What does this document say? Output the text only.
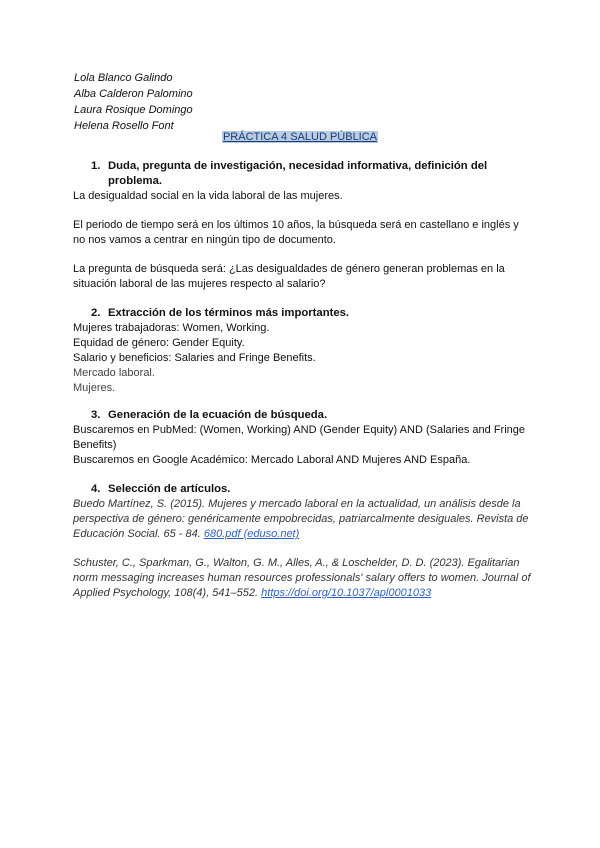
Lola Blanco Galindo
Alba Calderon Palomino
Laura Rosique Domingo
Helena Rosello Font
PRÁCTICA 4 SALUD PÚBLICA
1. Duda, pregunta de investigación, necesidad informativa, definición del problema.

La desigualdad social en la vida laboral de las mujeres.

El periodo de tiempo será en los últimos 10 años, la búsqueda será en castellano e inglés y no nos vamos a centrar en ningún tipo de documento.

La pregunta de búsqueda será: ¿Las desigualdades de género generan problemas en la situación laboral de las mujeres respecto al salario?

2. Extracción de los términos más importantes.

Mujeres trabajadoras: Women, Working.

Equidad de género: Gender Equity.

Salario y beneficios: Salaries and Fringe Benefits.

Mercado laboral.

Mujeres.

3. Generación de la ecuación de búsqueda.

Buscaremos en PubMed: (Women, Working) AND (Gender Equity) AND (Salaries and Fringe Benefits)

Buscaremos en Google Académico: Mercado Laboral AND Mujeres AND España.

4. Selección de artículos.

Buedo Martínez, S. (2015). Mujeres y mercado laboral en la actualidad, un análisis desde la perspectiva de género: genéricamente empobrecidas, patriarcalmente desiguales. Revista de Educación Social. 65 - 84. 680.pdf (eduso.net)

Schuster, C., Sparkman, G., Walton, G. M., Alles, A., & Loschelder, D. D. (2023). Egalitarian norm messaging increases human resources professionals' salary offers to women. Journal of Applied Psychology, 108(4), 541–552. https://doi.org/10.1037/apl0001033
